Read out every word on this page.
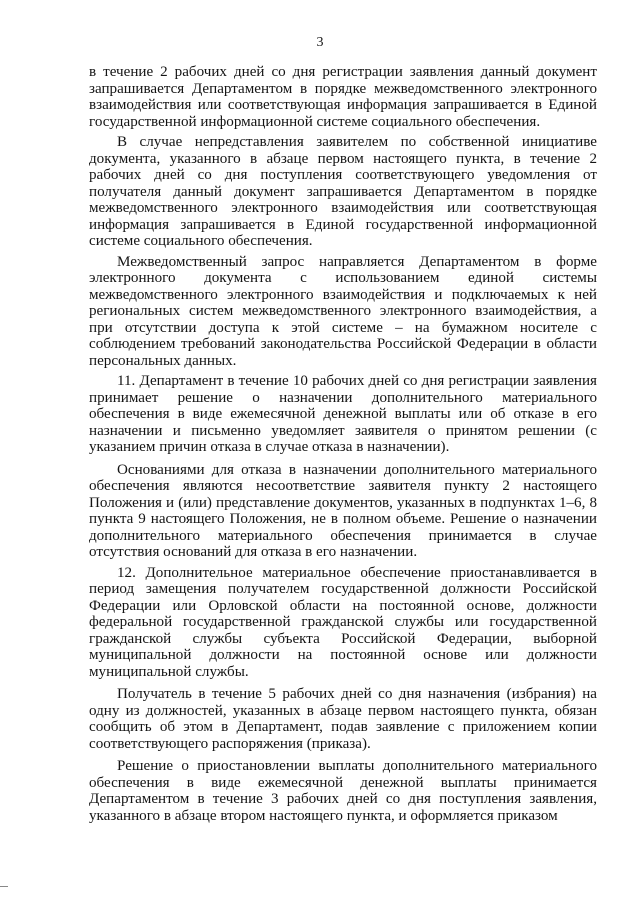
3

в течение 2 рабочих дней со дня регистрации заявления данный документ запрашивается Департаментом в порядке межведомственного электронного взаимодействия или соответствующая информация запрашивается в Единой государственной информационной системе социального обеспечения.

В случае непредставления заявителем по собственной инициативе документа, указанного в абзаце первом настоящего пункта, в течение 2 рабочих дней со дня поступления соответствующего уведомления от получателя данный документ запрашивается Департаментом в порядке межведомственного электронного взаимодействия или соответствующая информация запрашивается в Единой государственной информационной системе социального обеспечения.

Межведомственный запрос направляется Департаментом в форме электронного документа с использованием единой системы межведомственного электронного взаимодействия и подключаемых к ней региональных систем межведомственного электронного взаимодействия, а при отсутствии доступа к этой системе – на бумажном носителе с соблюдением требований законодательства Российской Федерации в области персональных данных.

11. Департамент в течение 10 рабочих дней со дня регистрации заявления принимает решение о назначении дополнительного материального обеспечения в виде ежемесячной денежной выплаты или об отказе в его назначении и письменно уведомляет заявителя о принятом решении (с указанием причин отказа в случае отказа в назначении).

Основаниями для отказа в назначении дополнительного материального обеспечения являются несоответствие заявителя пункту 2 настоящего Положения и (или) представление документов, указанных в подпунктах 1–6, 8 пункта 9 настоящего Положения, не в полном объеме. Решение о назначении дополнительного материального обеспечения принимается в случае отсутствия оснований для отказа в его назначении.

12. Дополнительное материальное обеспечение приостанавливается в период замещения получателем государственной должности Российской Федерации или Орловской области на постоянной основе, должности федеральной государственной гражданской службы или государственной гражданской службы субъекта Российской Федерации, выборной муниципальной должности на постоянной основе или должности муниципальной службы.

Получатель в течение 5 рабочих дней со дня назначения (избрания) на одну из должностей, указанных в абзаце первом настоящего пункта, обязан сообщить об этом в Департамент, подав заявление с приложением копии соответствующего распоряжения (приказа).

Решение о приостановлении выплаты дополнительного материального обеспечения в виде ежемесячной денежной выплаты принимается Департаментом в течение 3 рабочих дней со дня поступления заявления, указанного в абзаце втором настоящего пункта, и оформляется приказом
